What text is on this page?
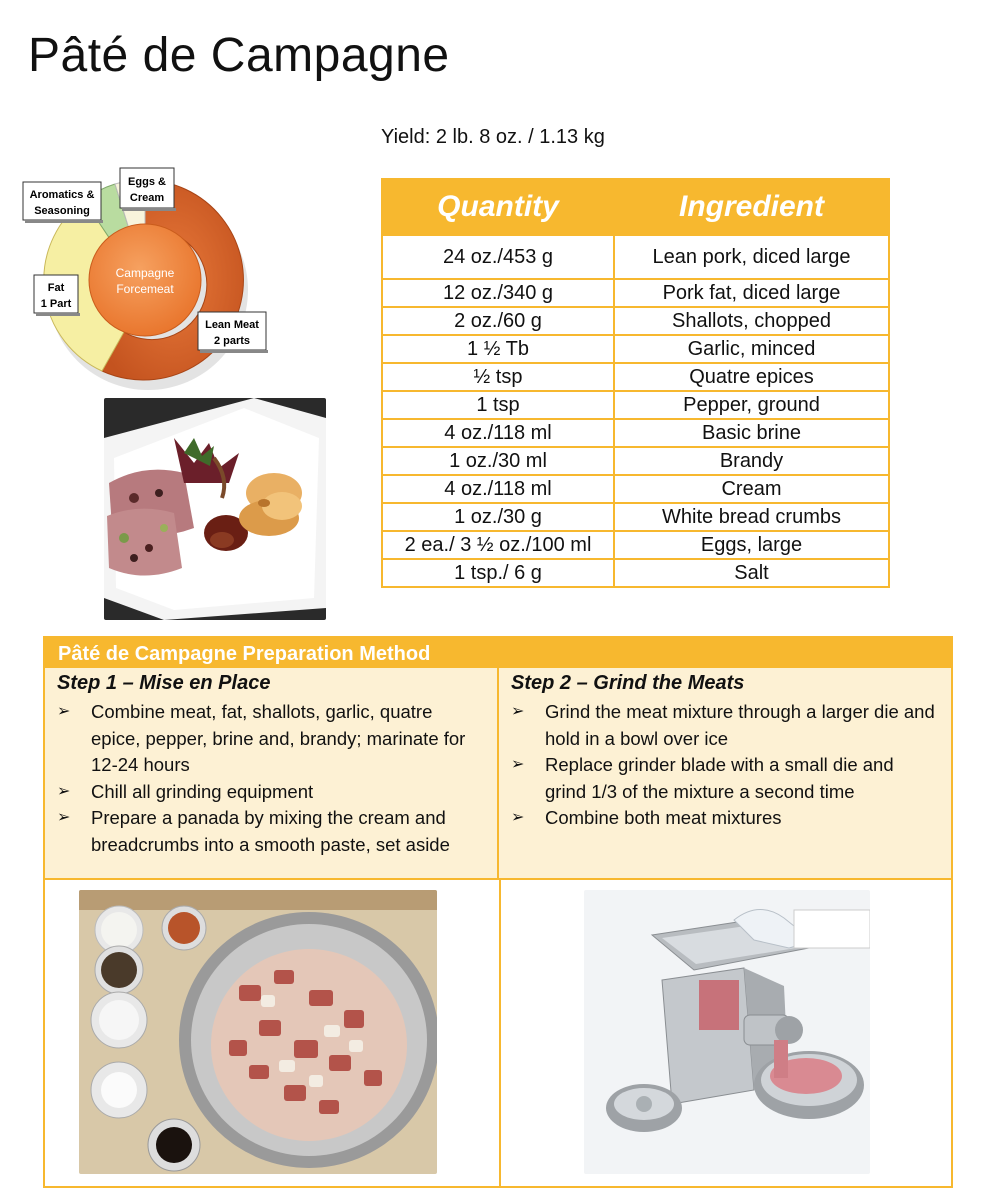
Pâté de Campagne
Yield: 2 lb. 8 oz. / 1.13 kg
Campagne
Forcemeat
Aromatics &
Seasoning
Eggs &
Cream
Fat
1 Part
Lean Meat
2 parts
Quantity	Ingredient
24 oz./453 g	Lean pork, diced large
12 oz./340 g	Pork fat, diced large
2 oz./60 g	Shallots, chopped
1 ½ Tb	Garlic, minced
½ tsp	Quatre epices
1 tsp	Pepper, ground
4 oz./118 ml	Basic brine
1 oz./30 ml	Brandy
4 oz./118 ml	Cream
1 oz./30 g	White bread crumbs
2 ea./ 3 ½ oz./100 ml	Eggs, large
1 tsp./ 6 g	Salt
Pâté de Campagne Preparation Method
Step 1 – Mise en Place
➢ Combine meat, fat, shallots, garlic, quatre epice, pepper, brine and, brandy; marinate for 12-24 hours
➢ Chill all grinding equipment
➢ Prepare a panada by mixing the cream and breadcrumbs into a smooth paste, set aside
Step 2 – Grind the Meats
➢ Grind the meat mixture through a larger die and hold in a bowl over ice
➢ Replace grinder blade with a small die and grind 1/3 of the mixture a second time
➢ Combine both meat mixtures
